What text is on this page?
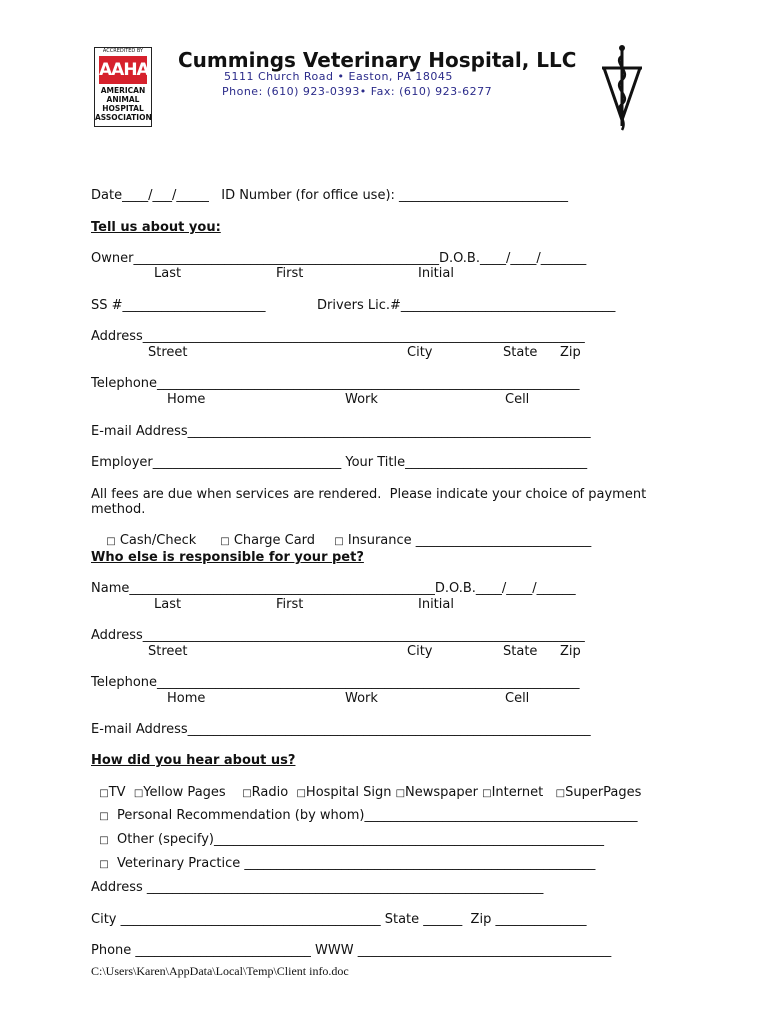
ACCREDITED BY
AAHA
AMERICAN
ANIMAL
HOSPITAL
ASSOCIATION
Cummings Veterinary Hospital, LLC
5111 Church Road • Easton, PA 18045
Phone: (610) 923-0393• Fax: (610) 923-6277
Date____/___/_____   ID Number (for office use): __________________________
Tell us about you:
Owner_______________________________________________D.O.B.____/____/_______
Last	First	Initial
SS #______________________	Drivers Lic.#_________________________________
Address____________________________________________________________________
Street	City	State Zip
Telephone_________________________________________________________________
Home	Work	Cell
E-mail Address______________________________________________________________
Employer_____________________________ Your Title____________________________
All fees are due when services are rendered.  Please indicate your choice of payment
method.

□ Cash/Check	□ Charge Card	□ Insurance ___________________________

Who else is responsible for your pet?
Name_______________________________________________D.O.B.____/____/______
Last	First	Initial
Address____________________________________________________________________
Street	City	State Zip
Telephone_________________________________________________________________
Home	Work	Cell
E-mail Address______________________________________________________________
How did you hear about us?

□TV □Yellow Pages □Radio □Hospital Sign □Newspaper □Internet □SuperPages

□ Personal Recommendation (by whom)__________________________________________

□ Other (specify)____________________________________________________________

□ Veterinary Practice ______________________________________________________

Address _____________________________________________________________
City ________________________________________ State ______  Zip ______________
Phone ___________________________ WWW _______________________________________
C:\Users\Karen\AppData\Local\Temp\Client info.doc
